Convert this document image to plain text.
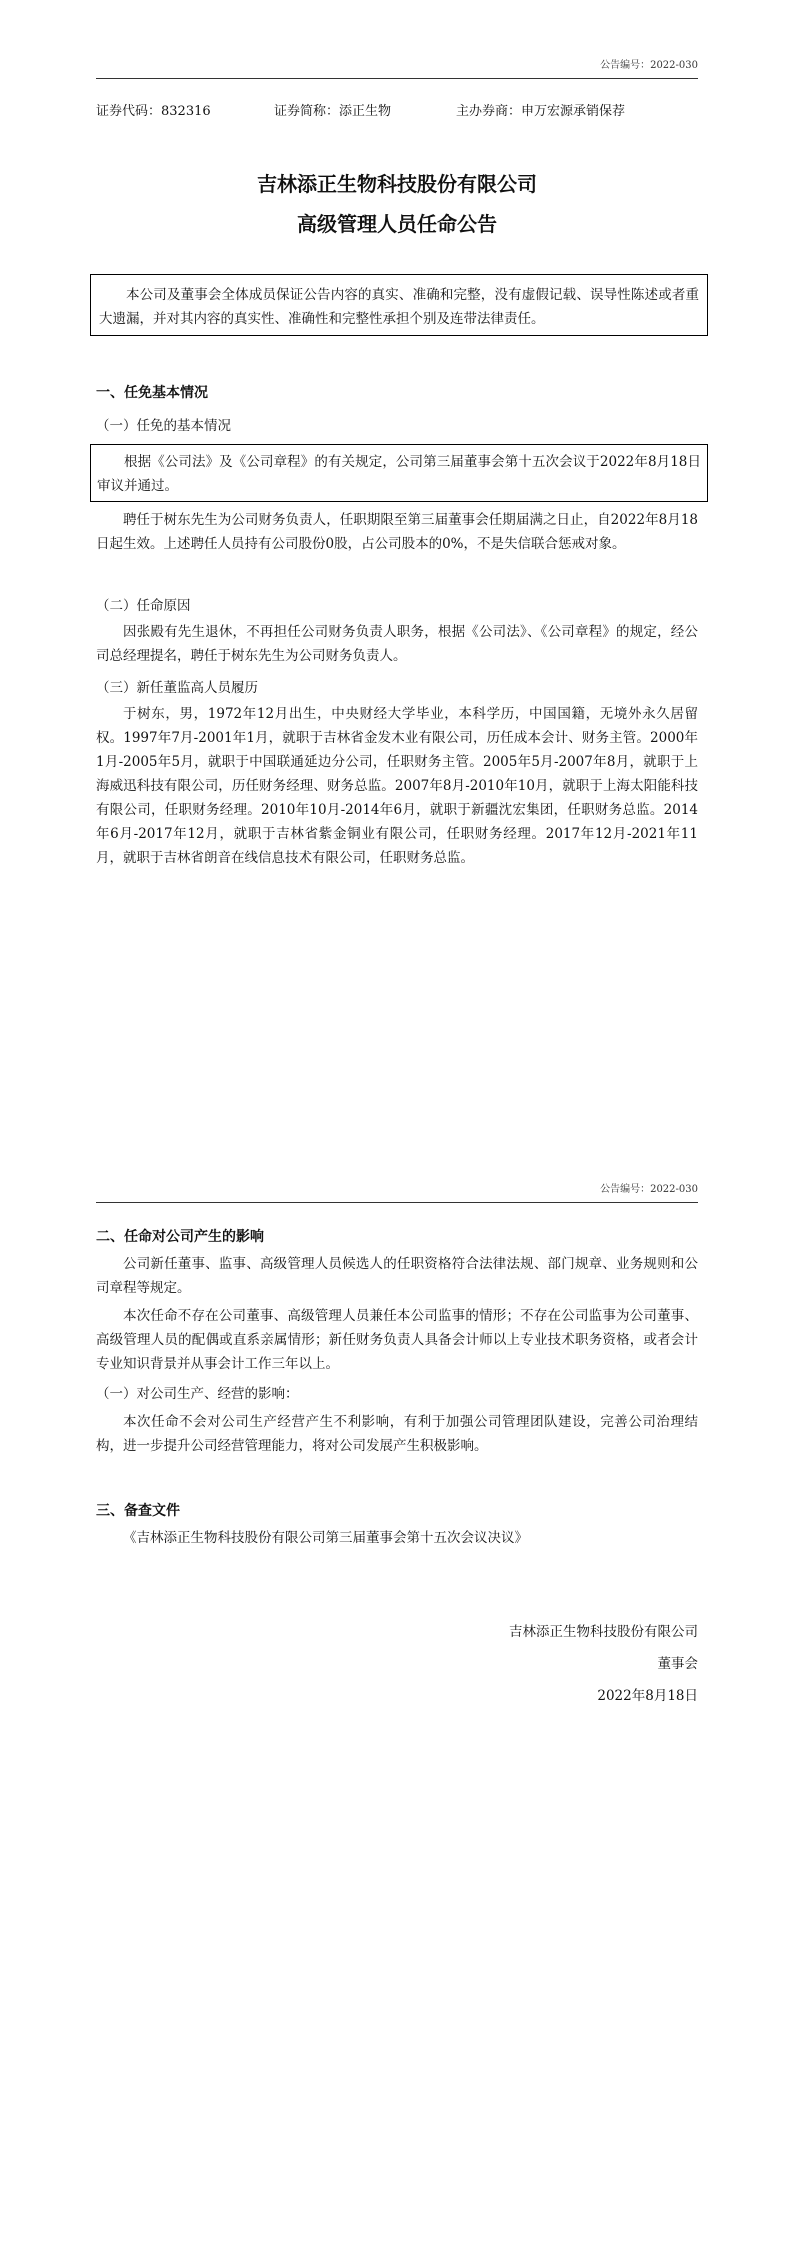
公告编号：2022-030
证券代码：832316	证券简称：添正生物	主办券商：申万宏源承销保荐
吉林添正生物科技股份有限公司
高级管理人员任命公告
本公司及董事会全体成员保证公告内容的真实、准确和完整，没有虚假记载、误导性陈述或者重大遗漏，并对其内容的真实性、准确性和完整性承担个别及连带法律责任。
一、任免基本情况
（一）任免的基本情况
根据《公司法》及《公司章程》的有关规定，公司第三届董事会第十五次会议于2022年8月18日审议并通过。
聘任于树东先生为公司财务负责人，任职期限至第三届董事会任期届满之日止，自2022年8月18日起生效。上述聘任人员持有公司股份0股，占公司股本的0%，不是失信联合惩戒对象。
（二）任命原因
因张殿有先生退休，不再担任公司财务负责人职务，根据《公司法》、《公司章程》的规定，经公司总经理提名，聘任于树东先生为公司财务负责人。
（三）新任董监高人员履历
于树东，男，1972年12月出生，中央财经大学毕业，本科学历，中国国籍，无境外永久居留权。1997年7月-2001年1月，就职于吉林省金发木业有限公司，历任成本会计、财务主管。2000年1月-2005年5月，就职于中国联通延边分公司，任职财务主管。2005年5月-2007年8月，就职于上海威迅科技有限公司，历任财务经理、财务总监。2007年8月-2010年10月，就职于上海太阳能科技有限公司，任职财务经理。2010年10月-2014年6月，就职于新疆沈宏集团，任职财务总监。2014年6月-2017年12月，就职于吉林省紫金铜业有限公司，任职财务经理。2017年12月-2021年11月，就职于吉林省朗音在线信息技术有限公司，任职财务总监。
公告编号：2022-030
二、任命对公司产生的影响
公司新任董事、监事、高级管理人员候选人的任职资格符合法律法规、部门规章、业务规则和公司章程等规定。
本次任命不存在公司董事、高级管理人员兼任本公司监事的情形；不存在公司监事为公司董事、高级管理人员的配偶或直系亲属情形；新任财务负责人具备会计师以上专业技术职务资格，或者会计专业知识背景并从事会计工作三年以上。
（一）对公司生产、经营的影响：
本次任命不会对公司生产经营产生不利影响，有利于加强公司管理团队建设，完善公司治理结构，进一步提升公司经营管理能力，将对公司发展产生积极影响。
三、备查文件
《吉林添正生物科技股份有限公司第三届董事会第十五次会议决议》
吉林添正生物科技股份有限公司
董事会
2022年8月18日
